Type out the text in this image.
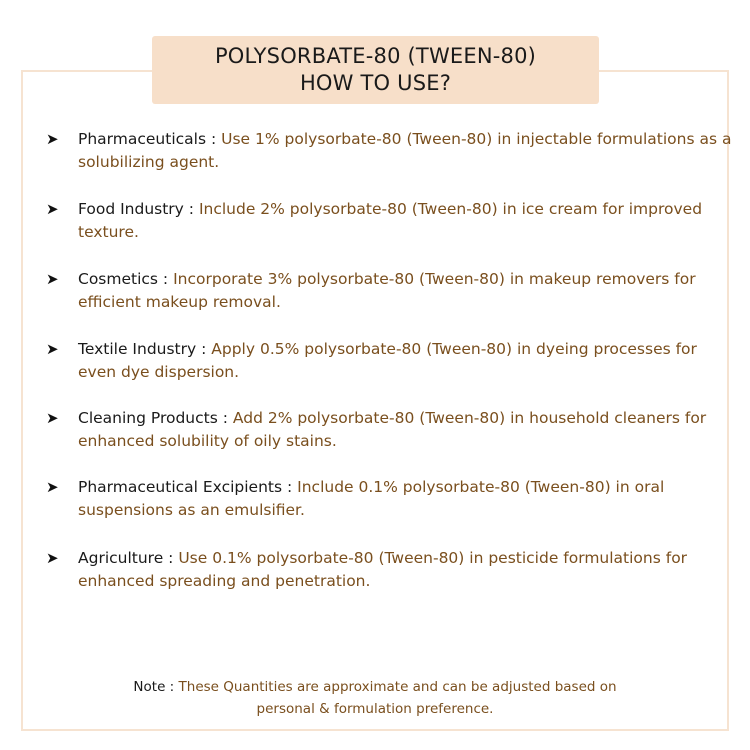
POLYSORBATE-80 (TWEEN-80)
HOW TO USE?
➤ Pharmaceuticals : Use 1% polysorbate-80 (Tween-80) in injectable formulations as a solubilizing agent.
➤ Food Industry : Include 2% polysorbate-80 (Tween-80) in ice cream for improved texture.
➤ Cosmetics : Incorporate 3% polysorbate-80 (Tween-80) in makeup removers for efficient makeup removal.
➤ Textile Industry : Apply 0.5% polysorbate-80 (Tween-80) in dyeing processes for even dye dispersion.
➤ Cleaning Products : Add 2% polysorbate-80 (Tween-80) in household cleaners for enhanced solubility of oily stains.
➤ Pharmaceutical Excipients : Include 0.1% polysorbate-80 (Tween-80) in oral suspensions as an emulsifier.
➤ Agriculture : Use 0.1% polysorbate-80 (Tween-80) in pesticide formulations for enhanced spreading and penetration.
Note : These Quantities are approximate and can be adjusted based on
personal & formulation preference.
